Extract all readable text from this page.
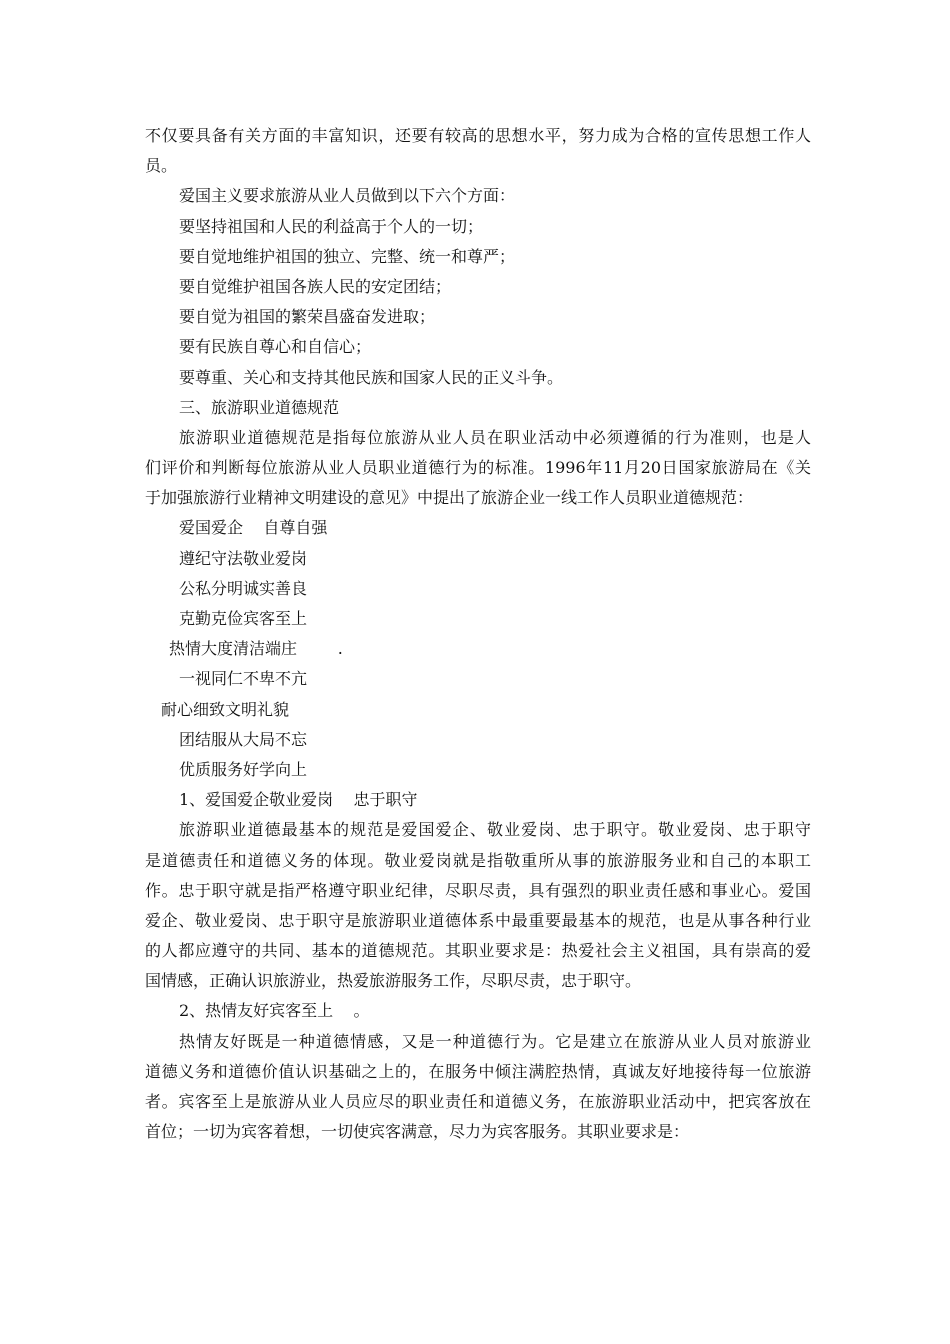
不仅要具备有关方面的丰富知识，还要有较高的思想水平，努力成为合格的宣传思想工作人
员。
爱国主义要求旅游从业人员做到以下六个方面：
要坚持祖国和人民的利益高于个人的一切；
要自觉地维护祖国的独立、完整、统一和尊严；
要自觉维护祖国各族人民的安定团结；
要自觉为祖国的繁荣昌盛奋发进取；
要有民族自尊心和自信心；
要尊重、关心和支持其他民族和国家人民的正义斗争。
三、旅游职业道德规范
旅游职业道德规范是指每位旅游从业人员在职业活动中必须遵循的行为准则，也是人
们评价和判断每位旅游从业人员职业道德行为的标准。1996年11月20日国家旅游局在《关
于加强旅游行业精神文明建设的意见》中提出了旅游企业一线工作人员职业道德规范：
爱国爱企    自尊自强
遵纪守法敬业爱岗
公私分明诚实善良
克勤克俭宾客至上
热情大度清洁端庄        .
一视同仁不卑不亢
耐心细致文明礼貌
团结服从大局不忘
优质服务好学向上
1、爱国爱企敬业爱岗    忠于职守
旅游职业道德最基本的规范是爱国爱企、敬业爱岗、忠于职守。敬业爱岗、忠于职守
是道德责任和道德义务的体现。敬业爱岗就是指敬重所从事的旅游服务业和自己的本职工
作。忠于职守就是指严格遵守职业纪律，尽职尽责，具有强烈的职业责任感和事业心。爱国
爱企、敬业爱岗、忠于职守是旅游职业道德体系中最重要最基本的规范，也是从事各种行业
的人都应遵守的共同、基本的道德规范。其职业要求是：热爱社会主义祖国，具有崇高的爱
国情感，正确认识旅游业，热爱旅游服务工作，尽职尽责，忠于职守。
2、热情友好宾客至上    。
热情友好既是一种道德情感，又是一种道德行为。它是建立在旅游从业人员对旅游业
道德义务和道德价值认识基础之上的，在服务中倾注满腔热情，真诚友好地接待每一位旅游
者。宾客至上是旅游从业人员应尽的职业责任和道德义务，在旅游职业活动中，把宾客放在
首位；一切为宾客着想，一切使宾客满意，尽力为宾客服务。其职业要求是：
